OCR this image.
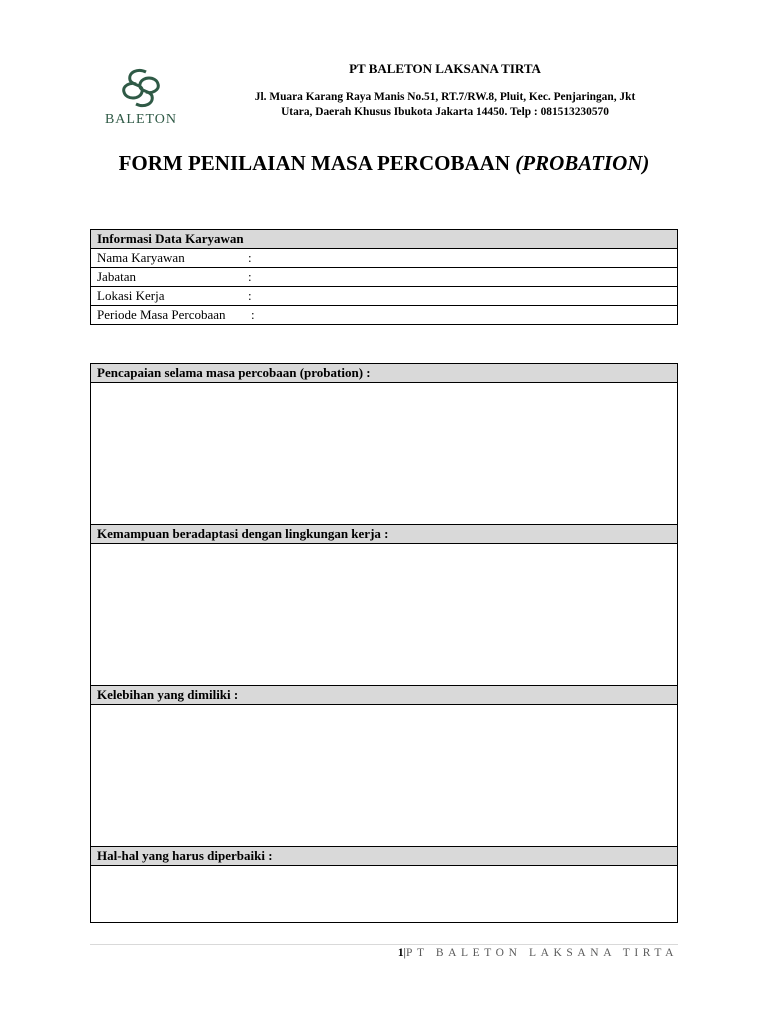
BALETON
PT BALETON LAKSANA TIRTA
Jl. Muara Karang Raya Manis No.51, RT.7/RW.8, Pluit, Kec. Penjaringan, Jkt
Utara, Daerah Khusus Ibukota Jakarta 14450. Telp : 081513230570
FORM PENILAIAN MASA PERCOBAAN (PROBATION)
Informasi Data Karyawan
Nama Karyawan	:
Jabatan	:
Lokasi Kerja	:
Periode Masa Percobaan :
Pencapaian selama masa percobaan (probation) :
Kemampuan beradaptasi dengan lingkungan kerja :
Kelebihan yang dimiliki :
Hal-hal yang harus diperbaiki :
1|PT BALETON LAKSANA TIRTA
